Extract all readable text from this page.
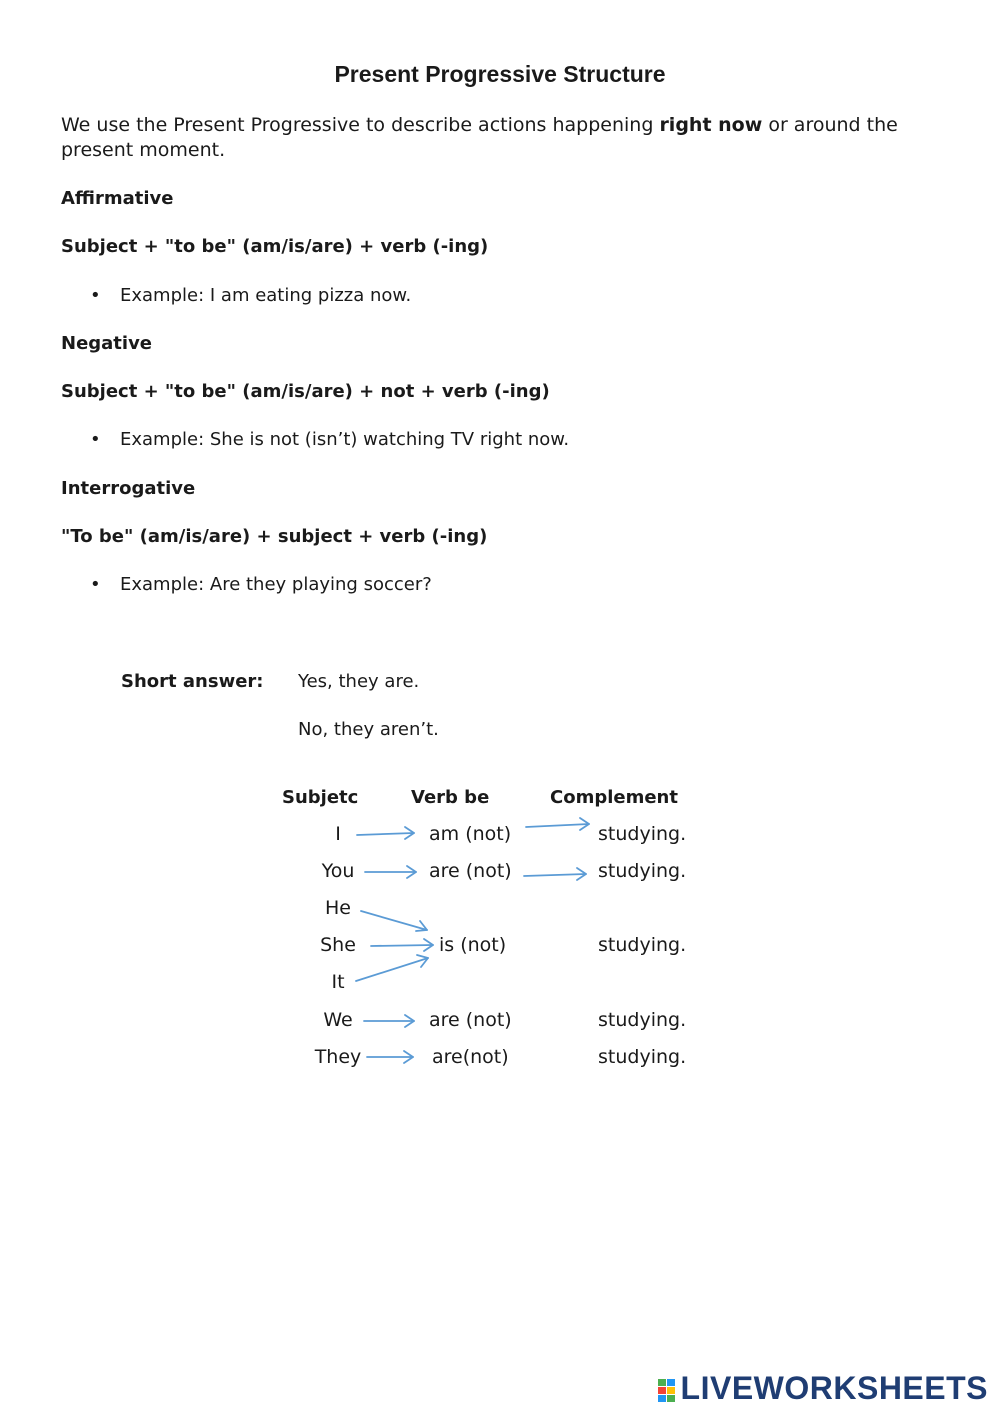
Present Progressive Structure
We use the Present Progressive to describe actions happening right now or around the present moment.
Affirmative
Subject + "to be" (am/is/are) + verb (-ing)
• Example: I am eating pizza now.
Negative
Subject + "to be" (am/is/are) + not + verb (-ing)
• Example: She is not (isn’t) watching TV right now.
Interrogative
"To be" (am/is/are) + subject + verb (-ing)
• Example: Are they playing soccer?
Short answer: Yes, they are.
No, they aren’t.
Subjetc	Verb be	Complement
I
You
He
She
It
We
They
am (not)
are (not)
is (not)
are (not)
are(not)
studying.
studying.
studying.
studying.
studying.
LIVEWORKSHEETS
